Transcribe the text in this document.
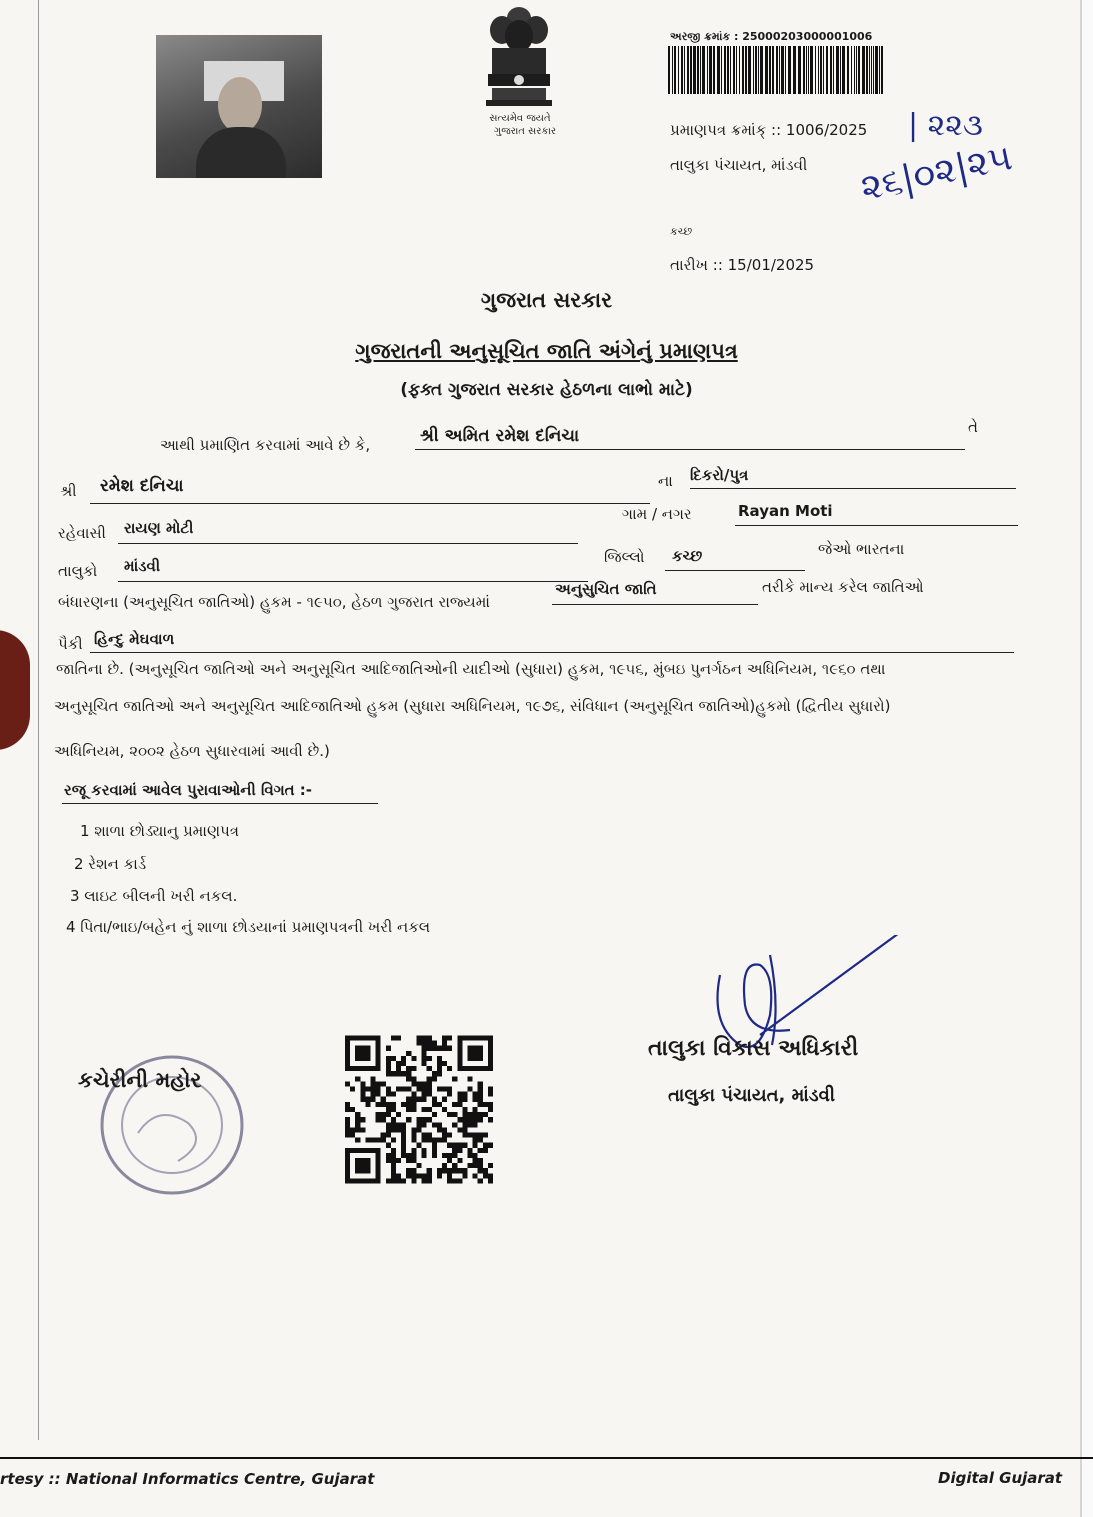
સત્યમેવ જયતે
ગુજરાત સરકાર
અરજી ક્રમાંક : 25000203000001006
પ્રમાણપત્ર ક્રમાંક્ :: 1006/2025 | ૨૨૩
તાલુકા પંચાયત, માંડવી ૨૬|૦૨|૨૫
કચ્છ
તારીખ :: 15/01/2025
ગુજરાત સરકાર
ગુજરાતની અનુસૂચિત જાતિ અંગેનું પ્રમાણપત્ર
(ફક્ત ગુજરાત સરકાર હેઠળના લાભો માટે)
આથી પ્રમાણિત કરવામાં આવે છે કે,	શ્રી અમિત રમેશ દનિચા	તે
શ્રી રમેશ દનિચા	ના દિકરો/પુત્ર
રહેવાસી રાયણ મોટી
ગામ / નગર	Rayan Moti
તાલુકો માંડવી	જિલ્લો કચ્છ	જેઓ ભારતના
બંધારણના (અનુસૂચિત જાતિઓ) હુકમ - ૧૯૫૦, હેઠળ ગુજરાત રાજ્યમાં
અનુસુચિત જાતિ	તરીકે માન્ય કરેલ જાતિઓ
પૈકી હિન્દુ મેઘવાળ
જાતિના છે. (અનુસૂચિત જાતિઓ અને અનુસૂચિત આદિજાતિઓની યાદીઓ (સુધારા) હુકમ, ૧૯૫૬, મુંબઇ પુનર્ગઠન અધિનિયમ, ૧૯૬૦ તથા
અનુસૂચિત જાતિઓ અને અનુસૂચિત આદિજાતિઓ હુકમ (સુધારા અધિનિયમ, ૧૯૭૬, સંવિધાન (અનુસૂચિત જાતિઓ)હુકમો (દ્વિતીય સુધારો)
અધિનિયમ, ૨૦૦૨ હેઠળ સુધારવામાં આવી છે.)
રજૂ કરવામાં આવેલ પુરાવાઓની વિગત :-
1 શાળા છોડ્યાનુ પ્રમાણપત્ર
2 રેશન કાર્ડ
3 લાઇટ બીલની ખરી નકલ.
4 પિતા/ભાઇ/બહેન નું શાળા છોડયાનાં પ્રમાણપત્રની ખરી નકલ
કચેરીની મહોર
તાલુકા વિકાસ અધિકારી
તાલુકા પંચાયત, માંડવી
rtesy :: National Informatics Centre, Gujarat	Digital Gujarat
